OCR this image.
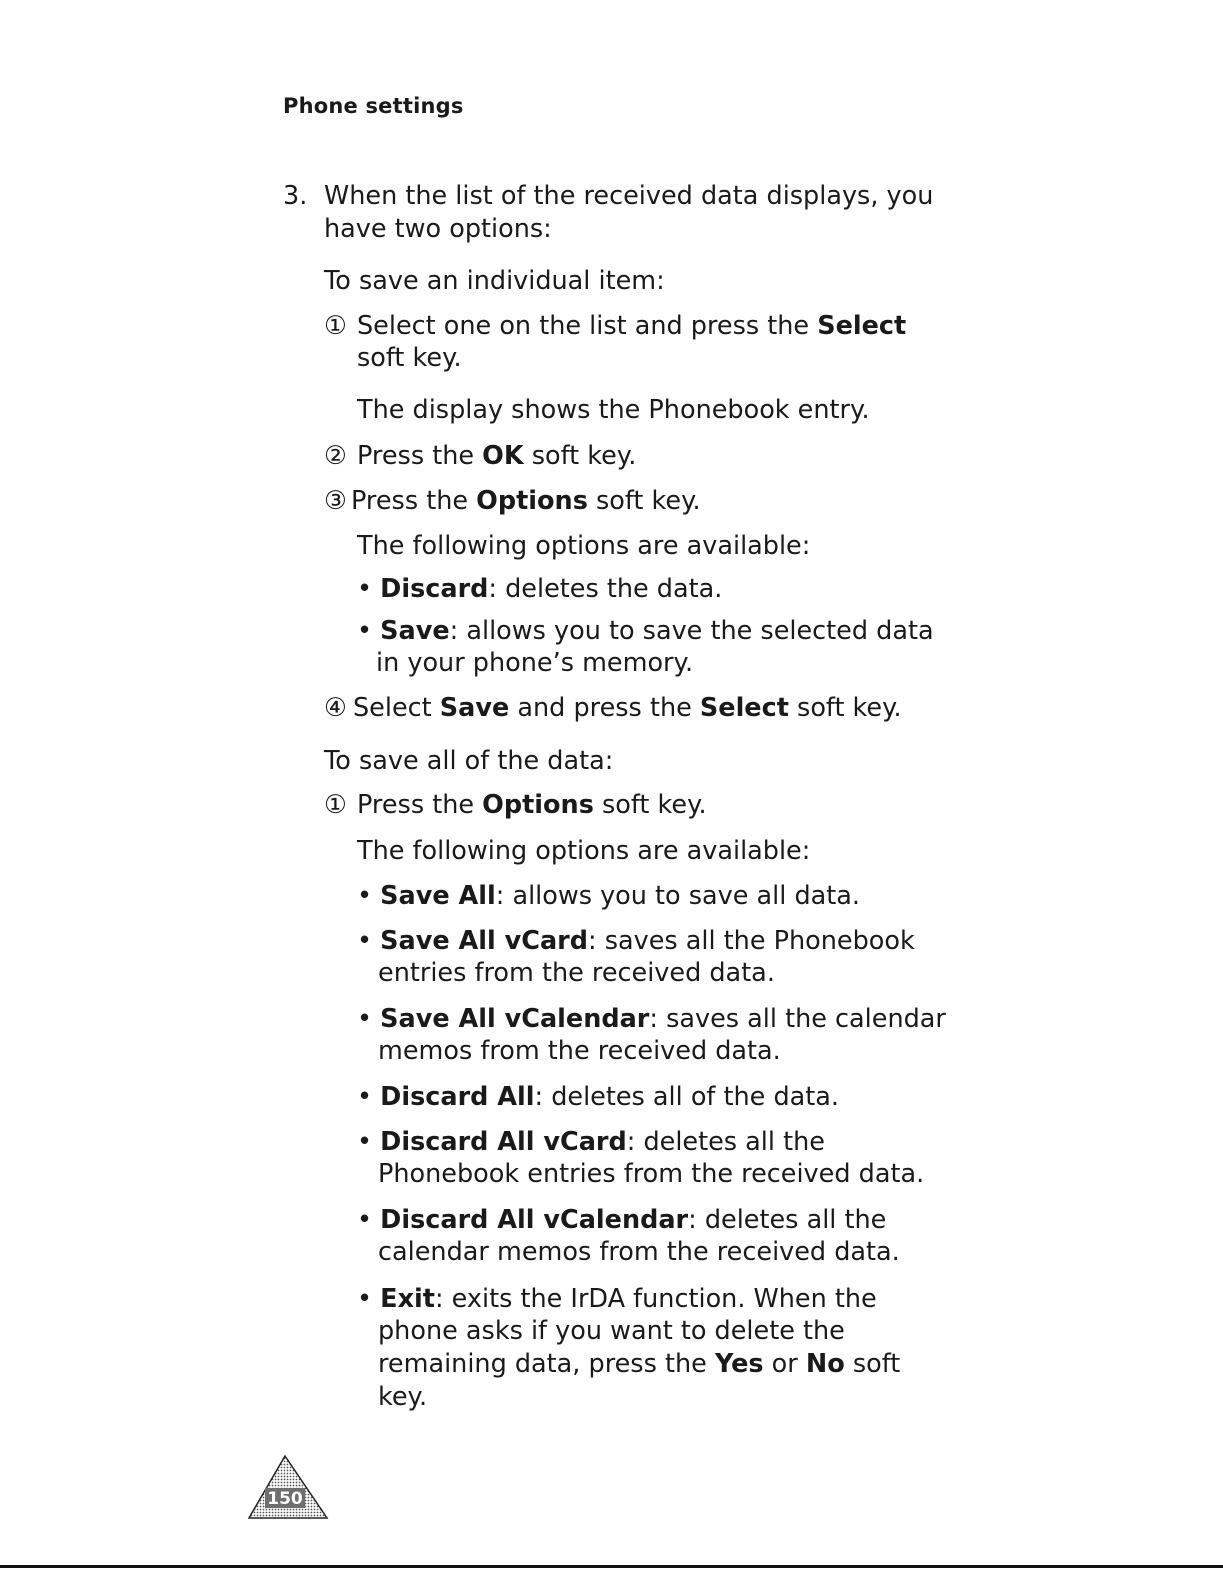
Phone settings
3. When the list of the received data displays, you
have two options:
To save an individual item:
① Select one on the list and press the Select
soft key.
The display shows the Phonebook entry.
② Press the OK soft key.
③ Press the Options soft key.
The following options are available:
• Discard: deletes the data.
• Save: allows you to save the selected data
in your phone’s memory.
④ Select Save and press the Select soft key.
To save all of the data:
① Press the Options soft key.
The following options are available:
• Save All: allows you to save all data.
• Save All vCard: saves all the Phonebook
entries from the received data.
• Save All vCalendar: saves all the calendar
memos from the received data.
• Discard All: deletes all of the data.
• Discard All vCard: deletes all the
Phonebook entries from the received data.
• Discard All vCalendar: deletes all the
calendar memos from the received data.
• Exit: exits the IrDA function. When the
phone asks if you want to delete the
remaining data, press the Yes or No soft
key.
150
